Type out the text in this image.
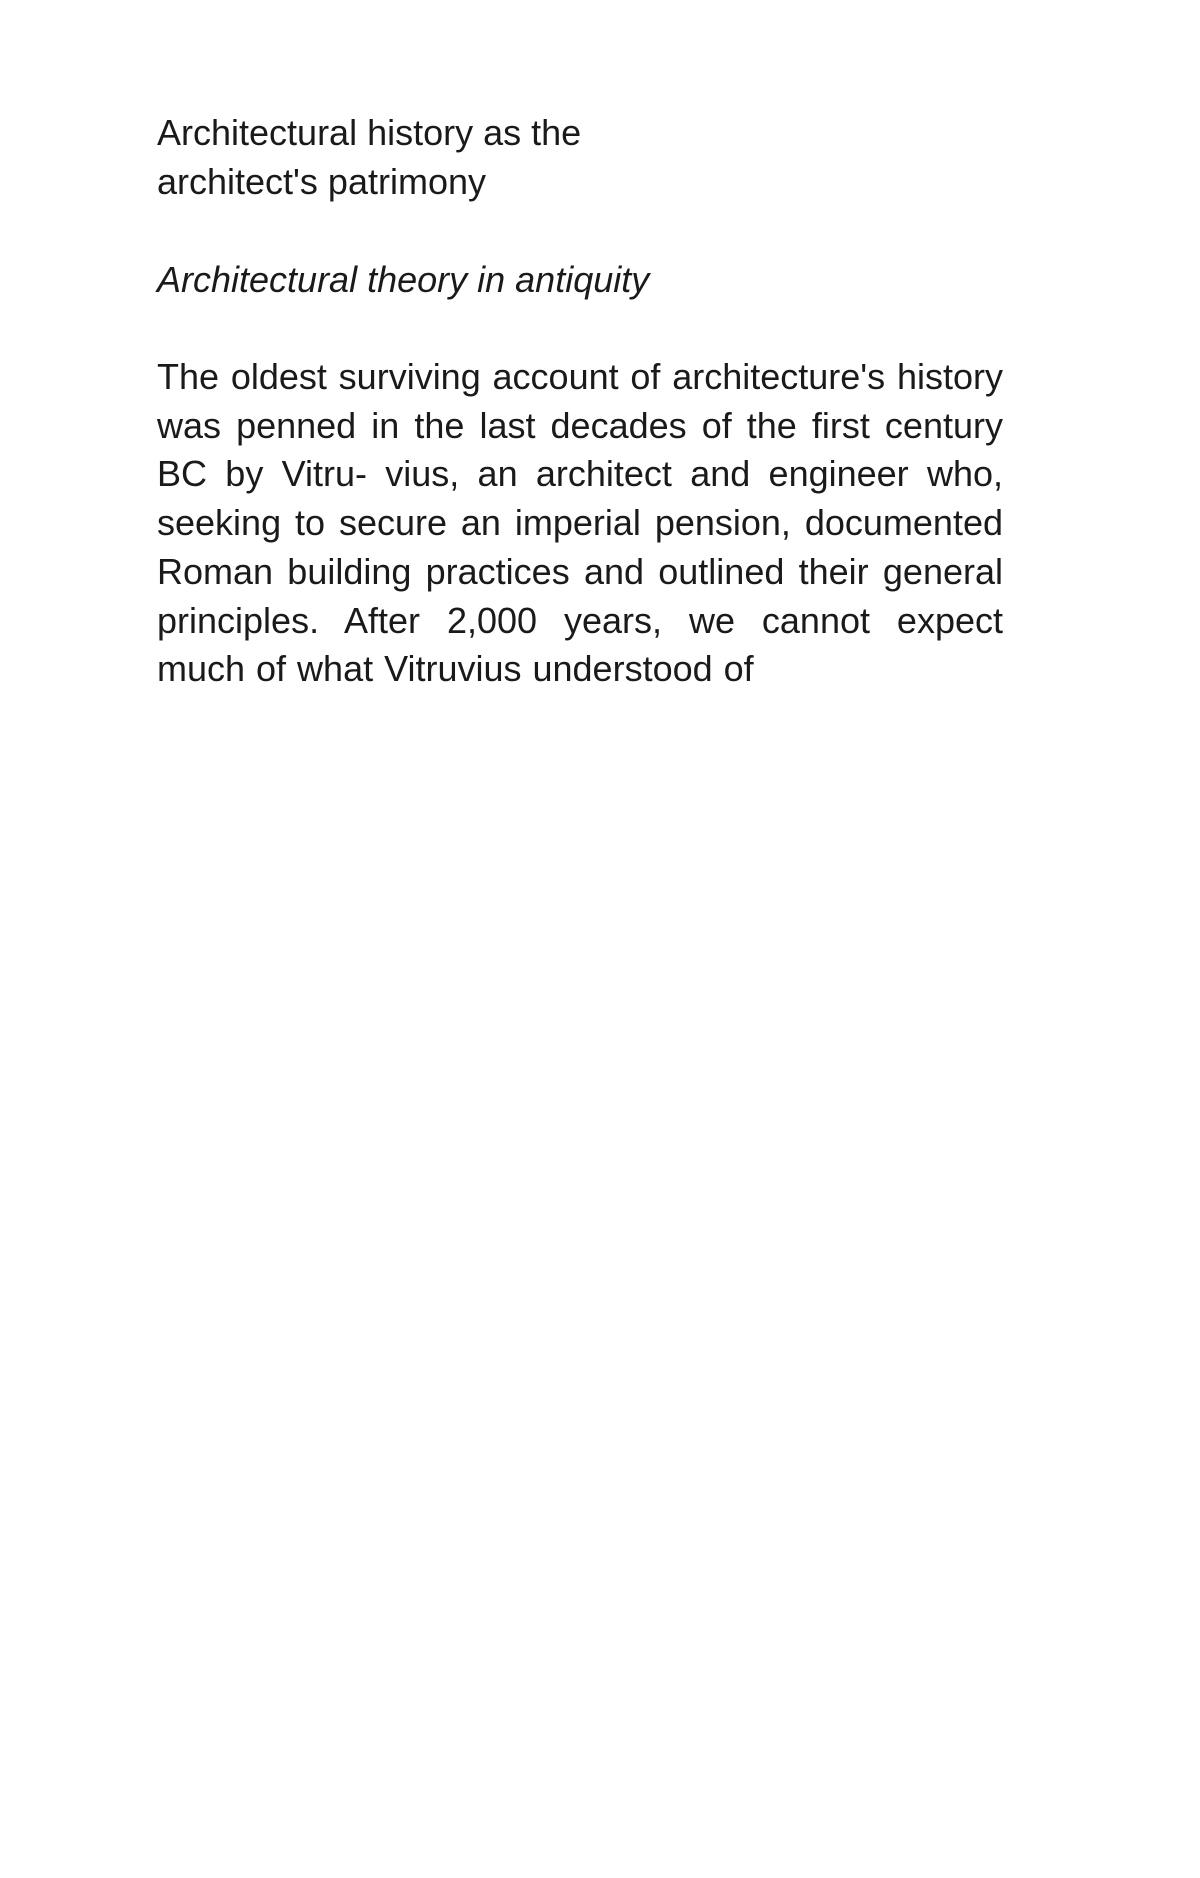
Architectural history as the architect's patrimony
Architectural theory in antiquity

The oldest surviving account of architecture's history was penned in the last decades of the first century BC by Vitru- vius, an architect and engineer who, seeking to secure an imperial pension, documented Roman building practices and outlined their general principles. After 2,000 years, we cannot expect much of what Vitruvius understood of
